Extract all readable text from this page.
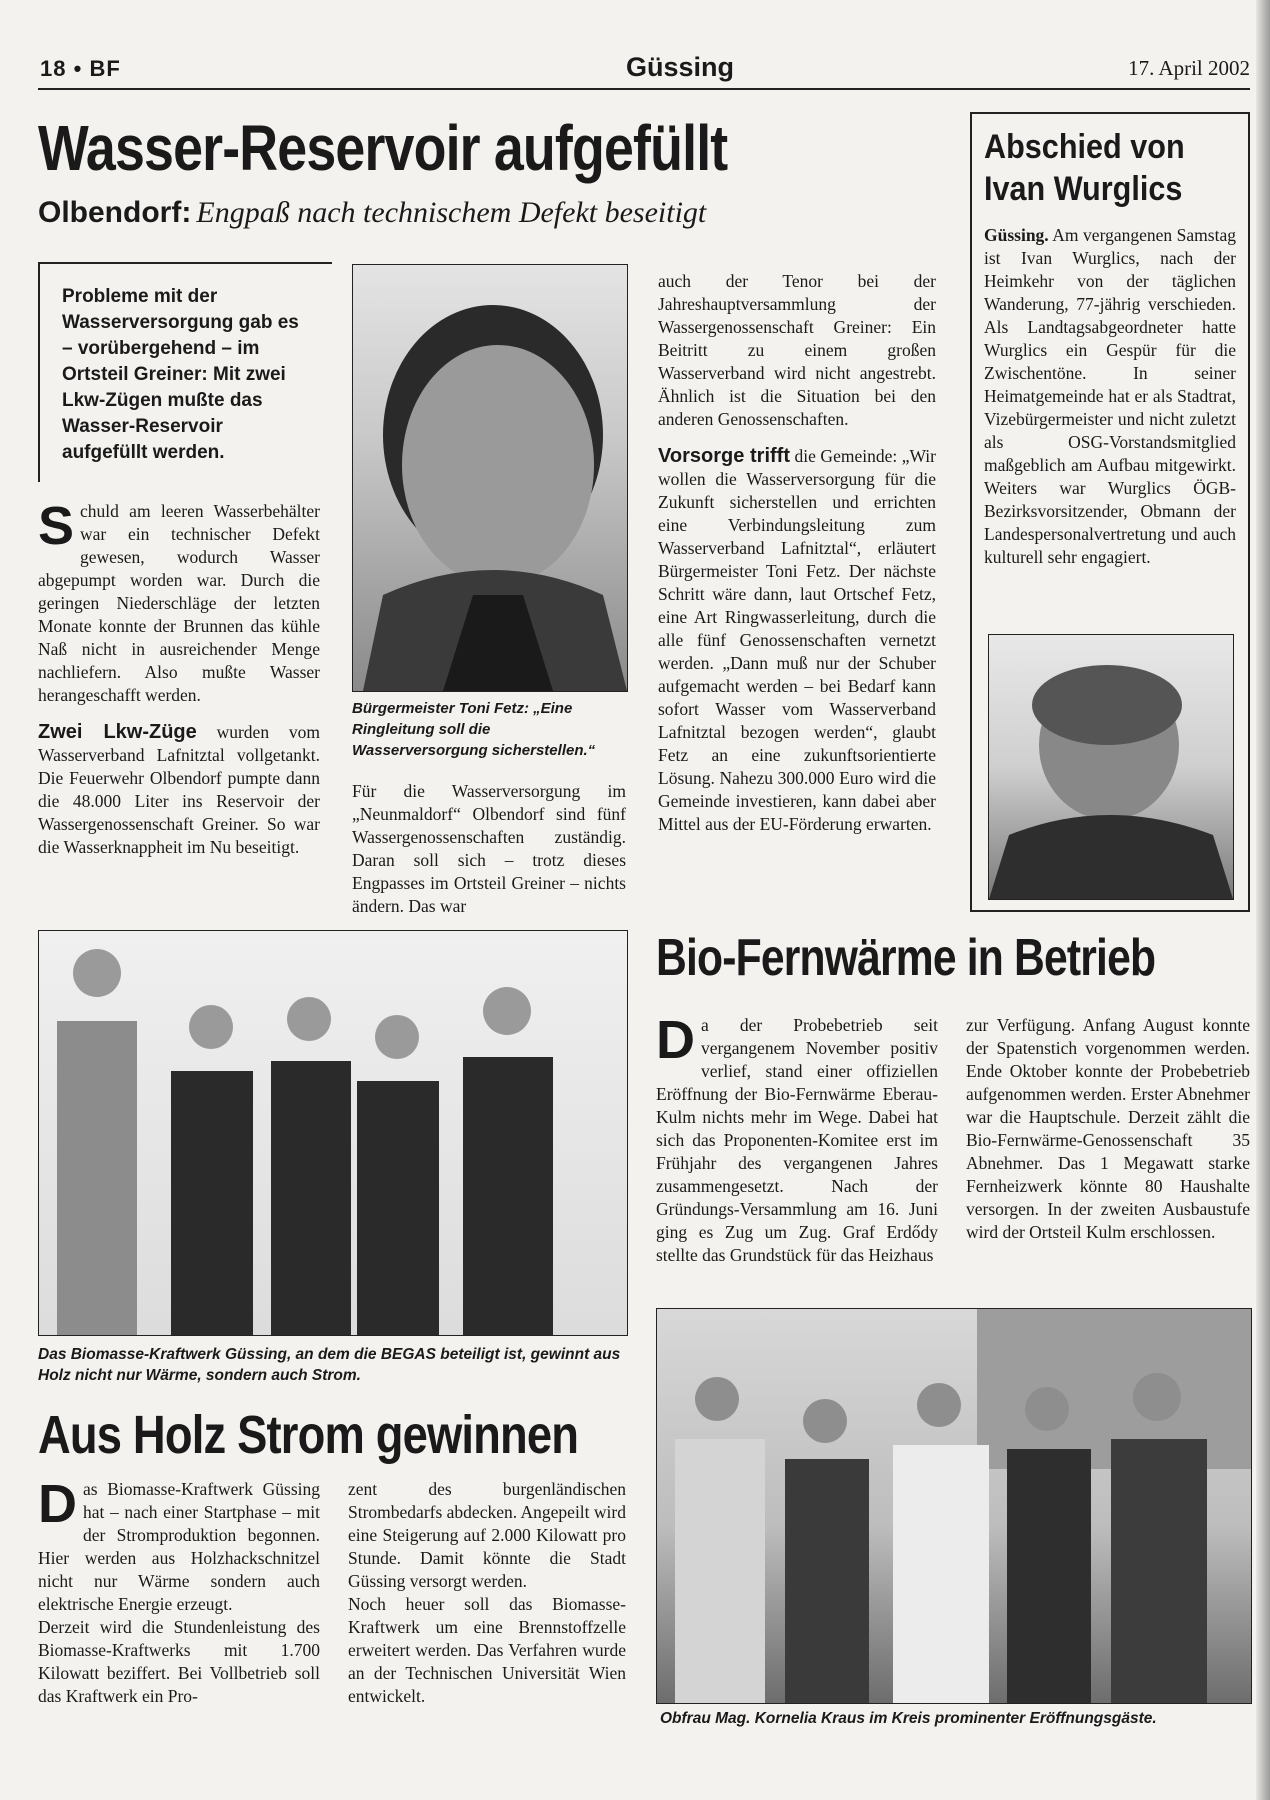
18 • BF	Güssing	17. April 2002
Wasser-Reservoir aufgefüllt
Olbendorf: Engpaß nach technischem Defekt beseitigt
Probleme mit der Wasserversorgung gab es – vorübergehend – im Ortsteil Greiner: Mit zwei Lkw-Zügen mußte das Wasser-Reservoir aufgefüllt werden.
Schuld am leeren Wasserbehälter war ein technischer Defekt gewesen, wodurch Wasser abgepumpt worden war. Durch die geringen Niederschläge der letzten Monate konnte der Brunnen das kühle Naß nicht in ausreichender Menge nachliefern. Also mußte Wasser herangeschafft werden.

Zwei Lkw-Züge wurden vom Wasserverband Lafnitztal vollgetankt. Die Feuerwehr Olbendorf pumpte dann die 48.000 Liter ins Reservoir der Wassergenossenschaft Greiner. So war die Wasserknappheit im Nu beseitigt.

Bürgermeister Toni Fetz: „Eine Ringleitung soll die Wasserversorgung sicherstellen.“
Für die Wasserversorgung im „Neunmaldorf“ Olbendorf sind fünf Wassergenossenschaften zuständig. Daran soll sich – trotz dieses Engpasses im Ortsteil Greiner – nichts ändern. Das war
auch der Tenor bei der Jahreshauptversammlung der Wassergenossenschaft Greiner: Ein Beitritt zu einem großen Wasserverband wird nicht angestrebt. Ähnlich ist die Situation bei den anderen Genossenschaften.

Vorsorge trifft die Gemeinde: „Wir wollen die Wasserversorgung für die Zukunft sicherstellen und errichten eine Verbindungsleitung zum Wasserverband Lafnitztal“, erläutert Bürgermeister Toni Fetz. Der nächste Schritt wäre dann, laut Ortschef Fetz, eine Art Ringwasserleitung, durch die alle fünf Genossenschaften vernetzt werden. „Dann muß nur der Schuber aufgemacht werden – bei Bedarf kann sofort Wasser vom Wasserverband Lafnitztal bezogen werden“, glaubt Fetz an eine zukunftsorientierte Lösung. Nahezu 300.000 Euro wird die Gemeinde investieren, kann dabei aber Mittel aus der EU-Förderung erwarten.

Abschied von
Ivan Wurglics
Güssing. Am vergangenen Samstag ist Ivan Wurglics, nach der Heimkehr von der täglichen Wanderung, 77-jährig verschieden. Als Landtagsabgeordneter hatte Wurglics ein Gespür für die Zwischentöne. In seiner Heimatgemeinde hat er als Stadtrat, Vizebürgermeister und nicht zuletzt als OSG-Vorstandsmitglied maßgeblich am Aufbau mitgewirkt. Weiters war Wurglics ÖGB-Bezirksvorsitzender, Obmann der Landespersonalvertretung und auch kulturell sehr engagiert.
Das Biomasse-Kraftwerk Güssing, an dem die BEGAS beteiligt ist, gewinnt aus Holz nicht nur Wärme, sondern auch Strom.
Bio-Fernwärme in Betrieb
Da der Probebetrieb seit vergangenem November positiv verlief, stand einer offiziellen Eröffnung der Bio-Fernwärme Eberau-Kulm nichts mehr im Wege. Dabei hat sich das Proponenten-Komitee erst im Frühjahr des vergangenen Jahres zusammengesetzt. Nach der Gründungs-Versammlung am 16. Juni ging es Zug um Zug. Graf Erdődy stellte das Grundstück für das Heizhaus
zur Verfügung. Anfang August konnte der Spatenstich vorgenommen werden. Ende Oktober konnte der Probebetrieb aufgenommen werden. Erster Abnehmer war die Hauptschule. Derzeit zählt die Bio-Fernwärme-Genossenschaft 35 Abnehmer. Das 1 Megawatt starke Fernheizwerk könnte 80 Haushalte versorgen. In der zweiten Ausbaustufe wird der Ortsteil Kulm erschlossen.
Obfrau Mag. Kornelia Kraus im Kreis prominenter Eröffnungsgäste.
Aus Holz Strom gewinnen
Das Biomasse-Kraftwerk Güssing hat – nach einer Startphase – mit der Stromproduktion begonnen. Hier werden aus Holzhackschnitzel nicht nur Wärme sondern auch elektrische Energie erzeugt.

Derzeit wird die Stundenleistung des Biomasse-Kraftwerks mit 1.700 Kilowatt beziffert. Bei Vollbetrieb soll das Kraftwerk ein Pro-

zent des burgenländischen Strombedarfs abdecken. Angepeilt wird eine Steigerung auf 2.000 Kilowatt pro Stunde. Damit könnte die Stadt Güssing versorgt werden.

Noch heuer soll das Biomasse-Kraftwerk um eine Brennstoffzelle erweitert werden. Das Verfahren wurde an der Technischen Universität Wien entwickelt.
